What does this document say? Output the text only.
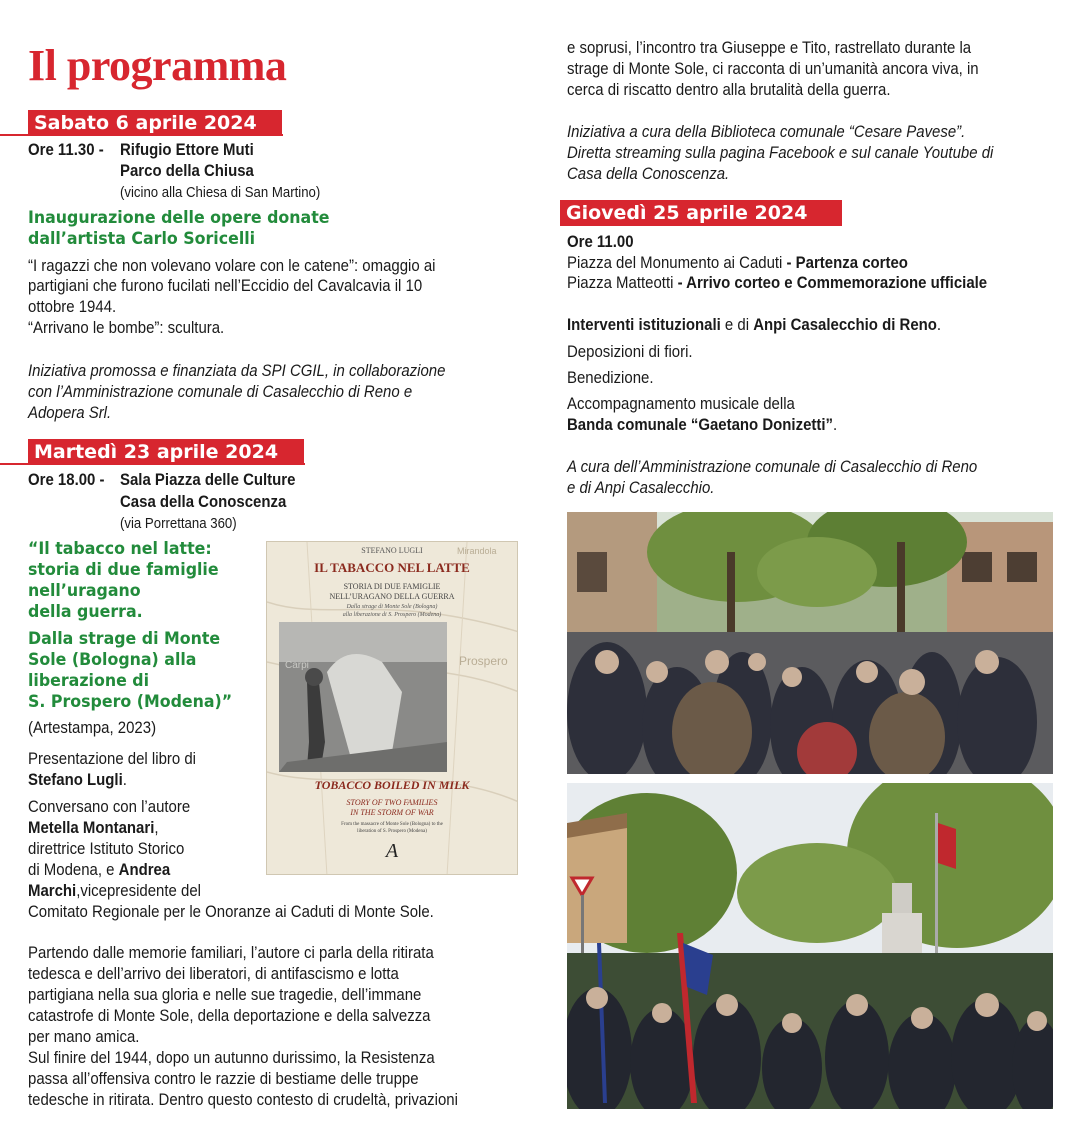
Il programma
Sabato 6 aprile 2024
Ore 11.30 - Rifugio Ettore Muti
Parco della Chiusa
(vicino alla Chiesa di San Martino)
Inaugurazione delle opere donate
dall’artista Carlo Soricelli
“I ragazzi che non volevano volare con le catene”: omaggio ai
partigiani che furono fucilati nell’Eccidio del Cavalcavia il 10
ottobre 1944.
“Arrivano le bombe”: scultura.
Iniziativa promossa e finanziata da SPI CGIL, in collaborazione
con l’Amministrazione comunale di Casalecchio di Reno e
Adopera Srl.
Martedì 23 aprile 2024
Ore 18.00 - Sala Piazza delle Culture
Casa della Conoscenza
(via Porrettana 360)
“Il tabacco nel latte:
storia di due famiglie
nell’uragano
della guerra.
Dalla strage di Monte
Sole (Bologna) alla
liberazione di
S. Prospero (Modena)”
(Artestampa, 2023)
Presentazione del libro di
Stefano Lugli.
Conversano con l’autore
Metella Montanari,
direttrice Istituto Storico
di Modena, e Andrea
Marchi,vicepresidente del
Comitato Regionale per le Onoranze ai Caduti di Monte Sole.
Partendo dalle memorie familiari, l’autore ci parla della ritirata
tedesca e dell’arrivo dei liberatori, di antifascismo e lotta
partigiana nella sua gloria e nelle sue tragedie, dell’immane
catastrofe di Monte Sole, della deportazione e della salvezza
per mano amica.
Sul finire del 1944, dopo un autunno durissimo, la Resistenza
passa all’offensiva contro le razzie di bestiame delle truppe
tedesche in ritirata. Dentro questo contesto di crudeltà, privazioni
STEFANO LUGLI	Mirandola
IL TABACCO NEL LATTE
STORIA DI DUE FAMIGLIE
NELL’URAGANO DELLA GUERRA
Dalla strage di Monte Sole (Bologna)
alla liberazione di S. Prospero (Modena)
Prospero
Carpi
TOBACCO BOILED IN MILK
STORY OF TWO FAMILIES
IN THE STORM OF WAR
From the massacre of Monte Sole (Bologna) to the
liberation of S. Prospero (Modena)
A
e soprusi, l’incontro tra Giuseppe e Tito, rastrellato durante la
strage di Monte Sole, ci racconta di un’umanità ancora viva, in
cerca di riscatto dentro alla brutalità della guerra.
Iniziativa a cura della Biblioteca comunale “Cesare Pavese”.
Diretta streaming sulla pagina Facebook e sul canale Youtube di
Casa della Conoscenza.
Giovedì 25 aprile 2024
Ore 11.00
Piazza del Monumento ai Caduti - Partenza corteo
Piazza Matteotti - Arrivo corteo e Commemorazione ufficiale
Interventi istituzionali e di Anpi Casalecchio di Reno.
Deposizioni di fiori.
Benedizione.
Accompagnamento musicale della
Banda comunale “Gaetano Donizetti”.
A cura dell’Amministrazione comunale di Casalecchio di Reno
e di Anpi Casalecchio.
